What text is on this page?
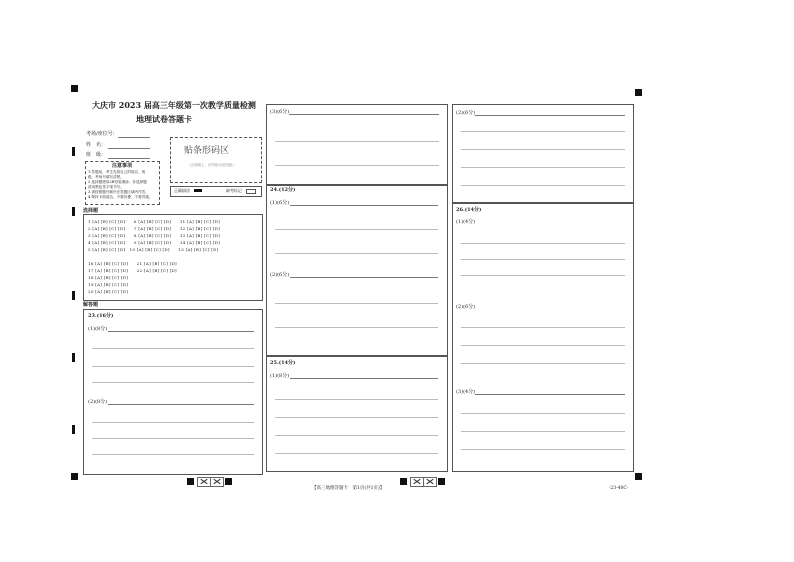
大庆市 2023 届高三年级第一次教学质量检测
地理试卷答题卡
考场/座位号：
姓　名：
班　级：
注意事项
1.答题前，考生先将自己的姓名、班
级、考场号填写清楚。
2.选择题使用2B铅笔填涂；非选择题
请用黑色签字笔书写。
3.请按照题号顺序在答题区域内作答，
4.保持卡面清洁，不要折叠、不要弄破。
贴条形码区
（正面朝上，切勿贴出虚线框）
正确填涂	缺考标记
选择题
1 [A] [B] [C] [D]　　6 [A] [B] [C] [D]　　11 [A] [B] [C] [D]
2 [A] [B] [C] [D]　　7 [A] [B] [C] [D]　　12 [A] [B] [C] [D]
3 [A] [B] [C] [D]　　8 [A] [B] [C] [D]　　13 [A] [B] [C] [D]
4 [A] [B] [C] [D]　　9 [A] [B] [C] [D]　　14 [A] [B] [C] [D]
5 [A] [B] [C] [D]　10 [A] [B] [C] [D]　　15 [A] [B] [C] [D]
16 [A] [B] [C] [D]　　21 [A] [B] [C] [D]
17 [A] [B] [C] [D]　　22 [A] [B] [C] [D]
18 [A] [B] [C] [D]
19 [A] [B] [C] [D]
20 [A] [B] [C] [D]
解答题
23.(16分)
(1)(8分)
(2)(8分)
(3)(6分)
24.(12分)
(1)(6分)
(2)(6分)
25.(14分)
(1)(8分)
(2)(6分)
26.(14分)
(1)(4分)
(2)(6分)
(3)(4分)
【高三地理答题卡　第1页(共1页)】	·23-40C·
